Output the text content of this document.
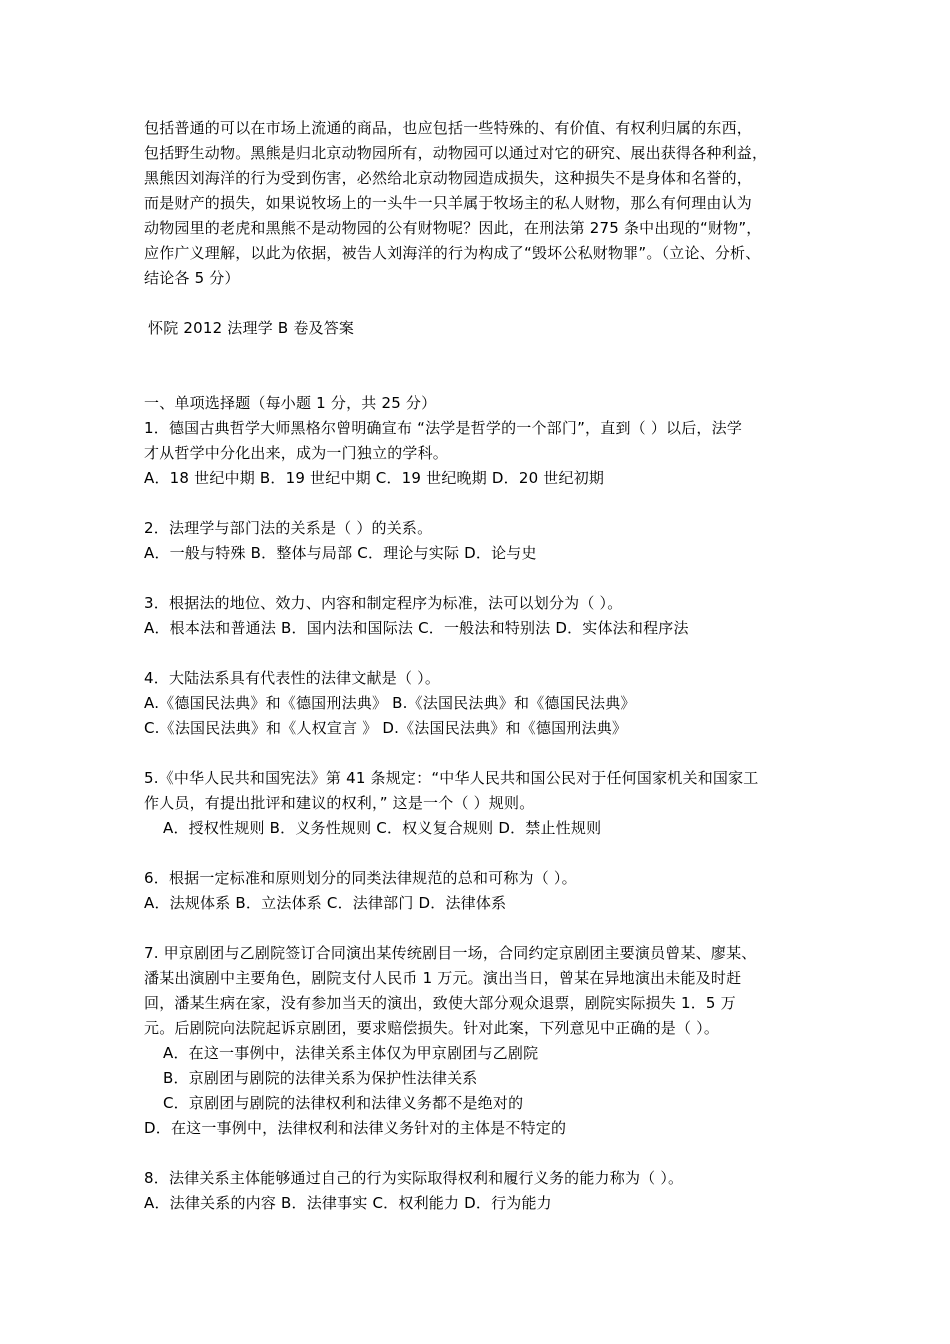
包括普通的可以在市场上流通的商品，也应包括一些特殊的、有价值、有权利归属的东西，
包括野生动物。黑熊是归北京动物园所有，动物园可以通过对它的研究、展出获得各种利益，
黑熊因刘海洋的行为受到伤害，必然给北京动物园造成损失，这种损失不是身体和名誉的，
而是财产的损失，如果说牧场上的一头牛一只羊属于牧场主的私人财物，那么有何理由认为
动物园里的老虎和黑熊不是动物园的公有财物呢？因此，在刑法第 275 条中出现的“财物”，
应作广义理解，以此为依据，被告人刘海洋的行为构成了“毁坏公私财物罪”。（立论、分析、
结论各 5 分）
怀院 2012 法理学 B 卷及答案
一、单项选择题（每小题 1 分，共 25 分）
1．德国古典哲学大师黑格尔曾明确宣布 “法学是哲学的一个部门”，直到（ ）以后，法学
才从哲学中分化出来，成为一门独立的学科。
A．18 世纪中期 B．19 世纪中期 C．19 世纪晚期 D．20 世纪初期
2．法理学与部门法的关系是（ ）的关系。
A．一般与特殊 B．整体与局部 C．理论与实际 D．论与史
3．根据法的地位、效力、内容和制定程序为标准，法可以划分为（ ）。
A．根本法和普通法 B．国内法和国际法 C．一般法和特别法 D．实体法和程序法
4．大陆法系具有代表性的法律文献是（ ）。
A.《德国民法典》和《德国刑法典》 B.《法国民法典》和《德国民法典》
C.《法国民法典》和《人权宣言 》 D.《法国民法典》和《德国刑法典》
5.《中华人民共和国宪法》第 41 条规定：“中华人民共和国公民对于任何国家机关和国家工
作人员，有提出批评和建议的权利，” 这是一个（ ）规则。
A．授权性规则 B．义务性规则 C．权义复合规则 D．禁止性规则
6．根据一定标准和原则划分的同类法律规范的总和可称为（ ）。
A．法规体系 B．立法体系 C．法律部门 D．法律体系
7. 甲京剧团与乙剧院签订合同演出某传统剧目一场，合同约定京剧团主要演员曾某、廖某、
潘某出演剧中主要角色，剧院支付人民币 1 万元。演出当日，曾某在异地演出未能及时赶
回，潘某生病在家，没有参加当天的演出，致使大部分观众退票，剧院实际损失 1．5 万
元。后剧院向法院起诉京剧团，要求赔偿损失。针对此案，下列意见中正确的是（ ）。
A．在这一事例中，法律关系主体仅为甲京剧团与乙剧院
B．京剧团与剧院的法律关系为保护性法律关系
C．京剧团与剧院的法律权利和法律义务都不是绝对的
D．在这一事例中，法律权利和法律义务针对的主体是不特定的
8．法律关系主体能够通过自己的行为实际取得权利和履行义务的能力称为（ ）。
A．法律关系的内容 B．法律事实 C．权利能力 D．行为能力
